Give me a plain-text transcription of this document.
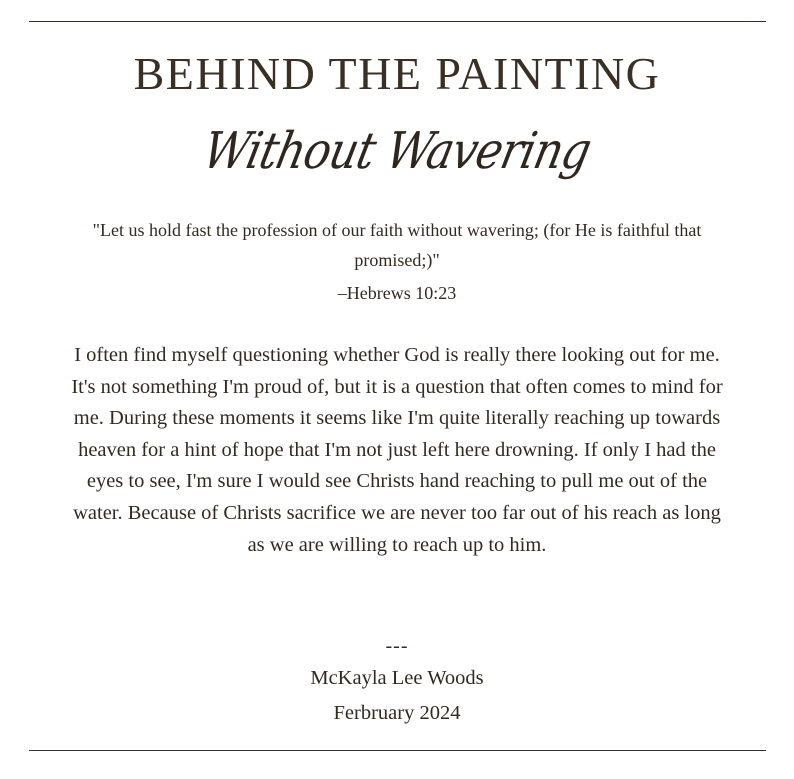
BEHIND THE PAINTING
Without Wavering

"Let us hold fast the profession of our faith without wavering; (for He is faithful that promised;)"

–Hebrews 10:23
I often find myself questioning whether God is really there looking out for me. It's not something I'm proud of, but it is a question that often comes to mind for me. During these moments it seems like I'm quite literally reaching up towards heaven for a hint of hope that I'm not just left here drowning. If only I had the eyes to see, I'm sure I would see Christs hand reaching to pull me out of the water. Because of Christs sacrifice we are never too far out of his reach as long as we are willing to reach up to him.
---
McKayla Lee Woods
Ferbruary 2024
